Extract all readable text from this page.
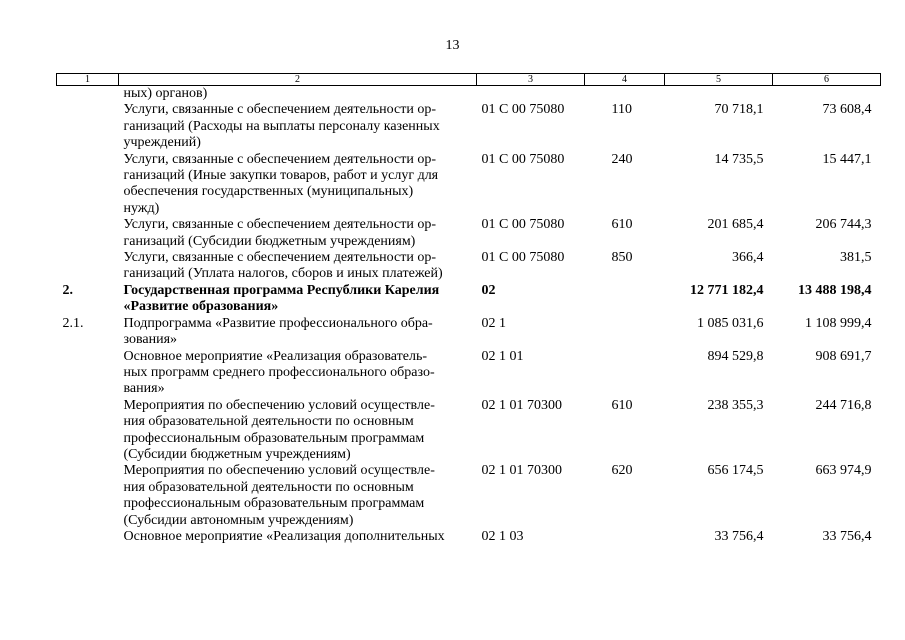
13
1	2	3	4	5	6
	ных) органов)				
	Услуги, связанные с обеспечением деятельности ор-
ганизаций (Расходы на выплаты персоналу казенных
учреждений)	01 С 00 75080	110	70 718,1	73 608,4
	Услуги, связанные с обеспечением деятельности ор-
ганизаций (Иные закупки товаров, работ и услуг для
обеспечения государственных (муниципальных)
нужд)	01 С 00 75080	240	14 735,5	15 447,1
	Услуги, связанные с обеспечением деятельности ор-
ганизаций (Субсидии бюджетным учреждениям)	01 С 00 75080	610	201 685,4	206 744,3
	Услуги, связанные с обеспечением деятельности ор-
ганизаций (Уплата налогов, сборов и иных платежей)	01 С 00 75080	850	366,4	381,5
2.	Государственная программа Республики Карелия
«Развитие образования»	02		12 771 182,4	13 488 198,4
2.1.	Подпрограмма «Развитие профессионального обра-
зования»	02 1		1 085 031,6	1 108 999,4
	Основное мероприятие «Реализация образователь-
ных программ среднего профессионального образо-
вания»	02 1 01		894 529,8	908 691,7
	Мероприятия по обеспечению условий осуществле-
ния образовательной деятельности по основным
профессиональным образовательным программам
(Субсидии бюджетным учреждениям)	02 1 01 70300	610	238 355,3	244 716,8
	Мероприятия по обеспечению условий осуществле-
ния образовательной деятельности по основным
профессиональным образовательным программам
(Субсидии автономным учреждениям)	02 1 01 70300	620	656 174,5	663 974,9
	Основное мероприятие «Реализация дополнительных	02 1 03		33 756,4	33 756,4
